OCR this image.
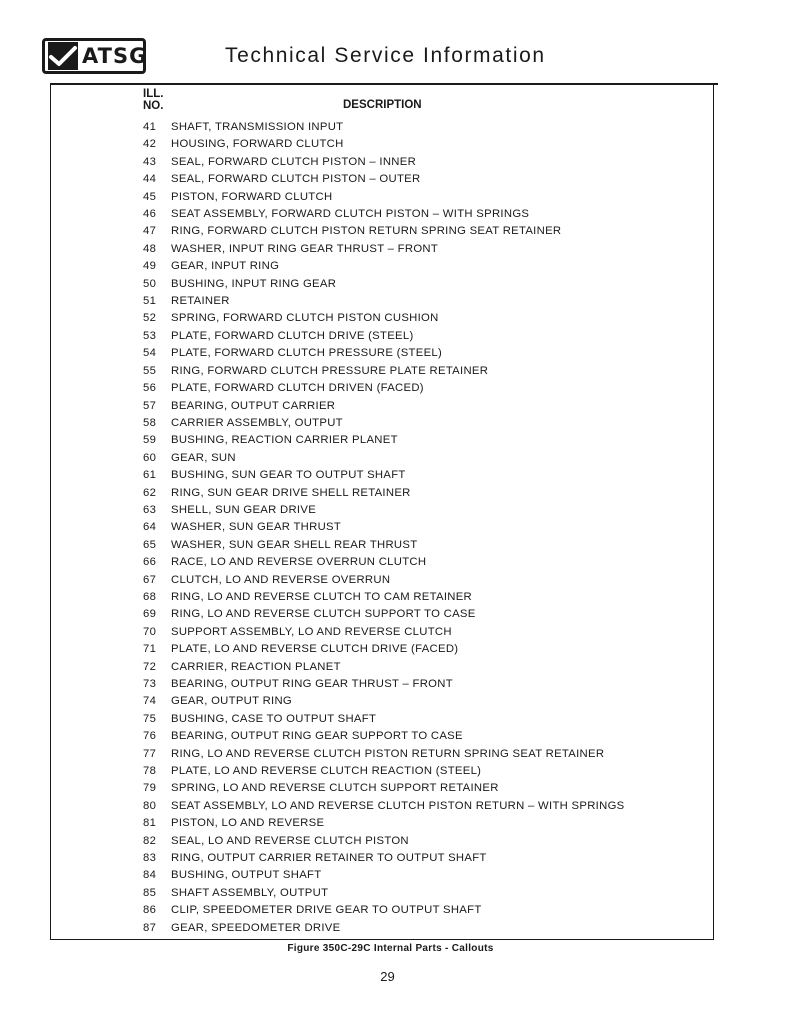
ATSG	Technical Service Information
ILL. NO.	DESCRIPTION
41	SHAFT, TRANSMISSION INPUT
42	HOUSING, FORWARD CLUTCH
43	SEAL, FORWARD CLUTCH PISTON – INNER
44	SEAL, FORWARD CLUTCH PISTON – OUTER
45	PISTON, FORWARD CLUTCH
46	SEAT ASSEMBLY, FORWARD CLUTCH PISTON – WITH SPRINGS
47	RING, FORWARD CLUTCH PISTON RETURN SPRING SEAT RETAINER
48	WASHER, INPUT RING GEAR THRUST – FRONT
49	GEAR, INPUT RING
50	BUSHING, INPUT RING GEAR
51	RETAINER
52	SPRING, FORWARD CLUTCH PISTON CUSHION
53	PLATE, FORWARD CLUTCH DRIVE (STEEL)
54	PLATE, FORWARD CLUTCH PRESSURE (STEEL)
55	RING, FORWARD CLUTCH PRESSURE PLATE RETAINER
56	PLATE, FORWARD CLUTCH DRIVEN (FACED)
57	BEARING, OUTPUT CARRIER
58	CARRIER ASSEMBLY, OUTPUT
59	BUSHING, REACTION CARRIER PLANET
60	GEAR, SUN
61	BUSHING, SUN GEAR TO OUTPUT SHAFT
62	RING, SUN GEAR DRIVE SHELL RETAINER
63	SHELL, SUN GEAR DRIVE
64	WASHER, SUN GEAR THRUST
65	WASHER, SUN GEAR SHELL REAR THRUST
66	RACE, LO AND REVERSE OVERRUN CLUTCH
67	CLUTCH, LO AND REVERSE OVERRUN
68	RING, LO AND REVERSE CLUTCH TO CAM RETAINER
69	RING, LO AND REVERSE CLUTCH SUPPORT TO CASE
70	SUPPORT ASSEMBLY, LO AND REVERSE CLUTCH
71	PLATE, LO AND REVERSE CLUTCH DRIVE (FACED)
72	CARRIER, REACTION PLANET
73	BEARING, OUTPUT RING GEAR THRUST – FRONT
74	GEAR, OUTPUT RING
75	BUSHING, CASE TO OUTPUT SHAFT
76	BEARING, OUTPUT RING GEAR SUPPORT TO CASE
77	RING, LO AND REVERSE CLUTCH PISTON RETURN SPRING SEAT RETAINER
78	PLATE, LO AND REVERSE CLUTCH REACTION (STEEL)
79	SPRING, LO AND REVERSE CLUTCH SUPPORT RETAINER
80	SEAT ASSEMBLY, LO AND REVERSE CLUTCH PISTON RETURN – WITH SPRINGS
81	PISTON, LO AND REVERSE
82	SEAL, LO AND REVERSE CLUTCH PISTON
83	RING, OUTPUT CARRIER RETAINER TO OUTPUT SHAFT
84	BUSHING, OUTPUT SHAFT
85	SHAFT ASSEMBLY, OUTPUT
86	CLIP, SPEEDOMETER DRIVE GEAR TO OUTPUT SHAFT
87	GEAR, SPEEDOMETER DRIVE
Figure 350C-29C Internal Parts - Callouts
29
